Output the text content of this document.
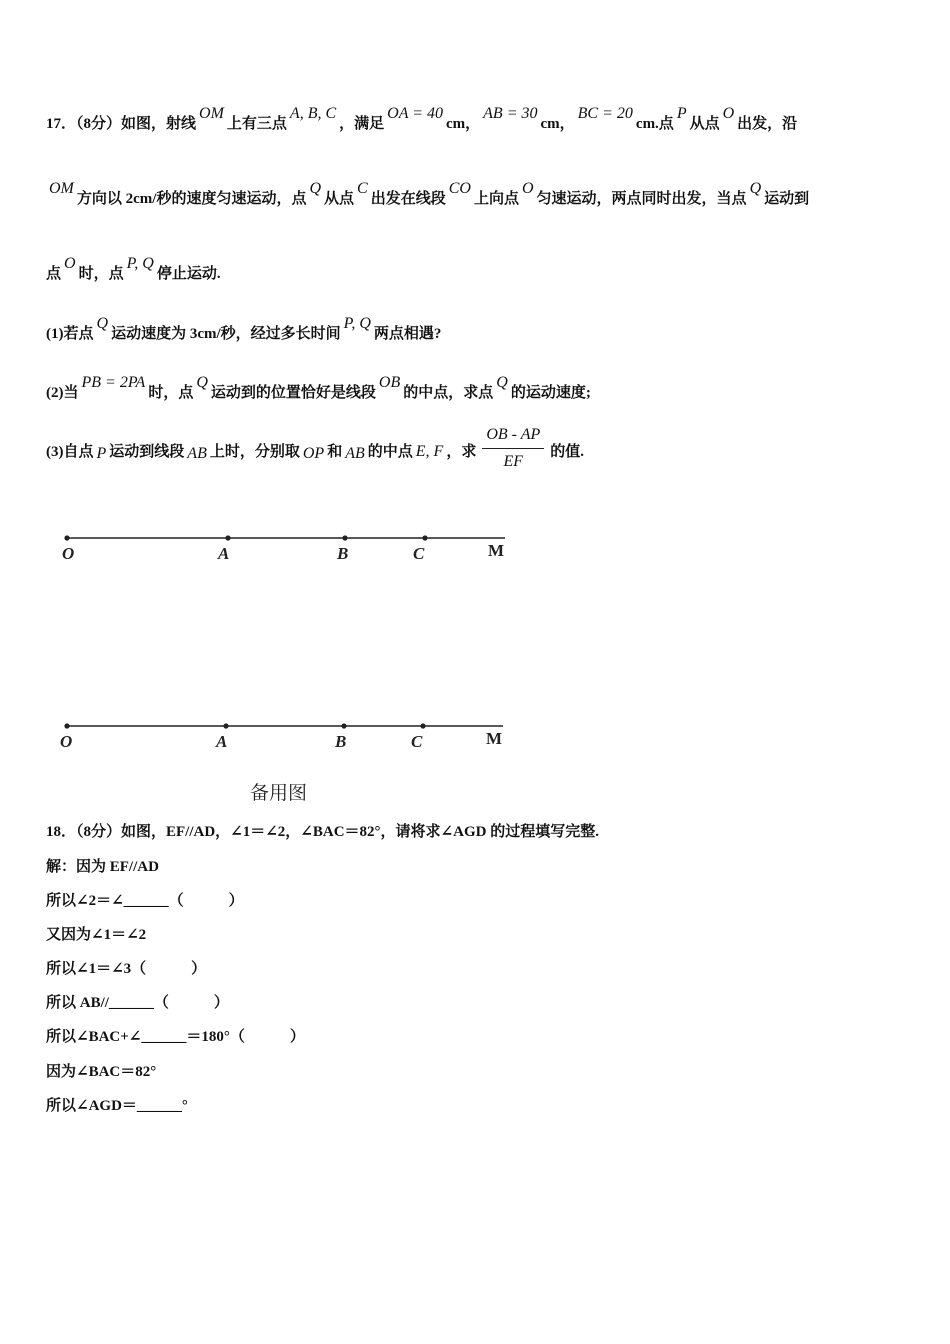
17．（8分）如图，射线OM上有三点A, B, C，满足OA = 40cm，AB = 30cm，BC = 20cm.点P从点O出发，沿
OM方向以 2cm/秒的速度匀速运动，点Q从点C出发在线段CO上向点O匀速运动，两点同时出发，当点Q运动到
点O时，点P, Q停止运动.
(1)若点Q运动速度为 3cm/秒，经过多长时间P, Q两点相遇?
(2)当PB = 2PA时，点Q运动到的位置恰好是线段OB的中点，求点Q的运动速度;
(3)自点 P 运动到线段 AB 上时，分别取 OP 和 AB 的中点 E, F ，求 $\frac{OB - AP}{EF}$ 的值.
O	A	B	C	M
O	A	B	C	M
备用图
18．（8分）如图，EF//AD，∠1＝∠2，∠BAC＝82°，请将求∠AGD 的过程填写完整.
解：因为 EF//AD
所以∠2＝∠______（　　　）
又因为∠1＝∠2
所以∠1＝∠3（　　　）
所以 AB//______（　　　）
所以∠BAC+∠______＝180°（　　　）
因为∠BAC＝82°
所以∠AGD＝______°
